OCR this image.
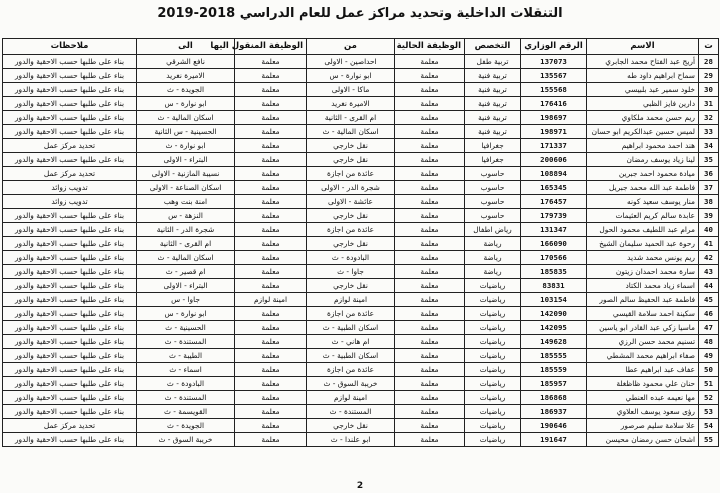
التنقلات الداخلية وتحديد مراكز عمل للعام الدراسي 2018-2019
ت	الاسم	الرقم الوزاري	التخصص	الوظيفة الحالية	من	الوظيفة المنقول اليها	الى	ملاحظات
28	أريج عبد الفتاح محمد الجابري	137073	تربية طفل	معلمة	احداصين - الاولى	معلمة	نافع الشرقي	بناء على طلبها حسب الاحقية والدور
29	سماح ابراهيم داود طه	135567	تربية فنية	معلمة	ابو نوارة - س	معلمة	الاميرة نغريد	بناء على طلبها حسب الاحقية والدور
30	خلود سمير عبد بلبيسي	155568	تربية فنية	معلمة	ماكا - الاولى	معلمة	الجويدة - ث	بناء على طلبها حسب الاحقية والدور
31	دارين فايز الظبي	176416	تربية فنية	معلمة	الاميرة نغريد	معلمة	ابو نوارة - س	بناء على طلبها حسب الاحقية والدور
32	ريم حسن محمد ملكاوي	198697	تربية فنية	معلمة	ام القرى - الثانية	معلمة	اسكان المالية - ث	بناء على طلبها حسب الاحقية والدور
33	لميس حسين عبدالكريم ابو حسان	198971	تربية فنية	معلمة	اسكان المالية - ث	معلمة	الحسينية - س الثانية	بناء على طلبها حسب الاحقية والدور
34	هند احمد محمود ابراهيم	171337	جغرافيا	معلمة	نقل خارجي	معلمة	ابو نوارة - ث	تحديد مركز عمل
35	لينا زياد يوسف رمضان	200606	جغرافيا	معلمة	نقل خارجي	معلمة	البتراء - الاولى	بناء على طلبها حسب الاحقية والدور
36	ميادة محمود احمد جبرين	108894	حاسوب	معلمة	عائدة من اجازة	معلمة	نسيبة المازنية - الاولى	تحديد مركز عمل
37	فاطمة عبد الله محمد جبريل	165345	حاسوب	معلمة	شجرة الدر - الاولى	معلمة	اسكان الصناعة - الاولى	تدويب زوائد
38	منار يوسف سعيد كونه	176457	حاسوب	معلمة	عائشة - الاولى	معلمة	امنة بنت وهب	تدويب زوائد
39	عابدة سالم كريم العثيمات	179739	حاسوب	معلمة	نقل خارجي	معلمة	النزهة - س	بناء على طلبها حسب الاحقية والدور
40	مرام عبد اللطيف محمود الحول	131347	رياض اطفال	معلمة	عائدة من اجازة	معلمة	شجرة الدر - الثانية	بناء على طلبها حسب الاحقية والدور
41	رحوة عبد الحميد سليمان الشيخ	166090	رياضة	معلمة	نقل خارجي	معلمة	ام القرى - الثانية	بناء على طلبها حسب الاحقية والدور
42	ريم يونس محمد شديد	170566	رياضة	معلمة	البادودة - ث	معلمة	اسكان المالية - ث	بناء على طلبها حسب الاحقية والدور
43	سارة محمد احمدان زيتون	185835	رياضة	معلمة	جاوا - ث	معلمة	ام قصير - ث	بناء على طلبها حسب الاحقية والدور
44	اسماء زياد محمد الكتاد	83831	رياضيات	معلمة	نقل خارجي	معلمة	البتراء - الاولى	بناء على طلبها حسب الاحقية والدور
45	فاطمة عبد الحفيظ سالم الصور	103154	رياضيات	معلمة	امينة لوازم	امينة لوازم	جاوا - س	بناء على طلبها حسب الاحقية والدور
46	سكينة احمد سلامة القيسي	142090	رياضيات	معلمة	عائدة من اجازة	معلمة	ابو نوارة - س	بناء على طلبها حسب الاحقية والدور
47	ماسيا زكي عبد القادر ابو ياسين	142095	رياضيات	معلمة	اسكان الطبية - ث	معلمة	الحسينية - ث	بناء على طلبها حسب الاحقية والدور
48	تسنيم محمد حسن الرزي	149628	رياضيات	معلمة	ام هاني - ث	معلمة	المستندة - ث	بناء على طلبها حسب الاحقية والدور
49	صفاء ابراهيم محمد المشطي	185555	رياضيات	معلمة	اسكان الطبية - ث	معلمة	الطيبة - ث	بناء على طلبها حسب الاحقية والدور
50	عفاف عبد ابراهيم عطا	185559	رياضيات	معلمة	عائدة من اجازة	معلمة	اسماء - ث	بناء على طلبها حسب الاحقية والدور
51	حنان علي محمود ظاظغلة	185957	رياضيات	معلمة	خريبة السوق - ث	معلمة	البادودة - ث	بناء على طلبها حسب الاحقية والدور
52	مها نعيمه عبده العنطي	186868	رياضيات	معلمة	امينة لوازم	معلمة	المستندة - ث	بناء على طلبها حسب الاحقية والدور
53	رؤى سعود يوسف العلاوي	186937	رياضيات	معلمة	المستندة - ث	معلمة	القويسمة - ث	بناء على طلبها حسب الاحقية والدور
54	علا سلامة سليم صرصور	190646	رياضيات	معلمة	نقل خارجي	معلمة	الجويدة - ث	تحديد مركز عمل
55	اشحان حسن رمضان محيسن	191647	رياضيات	معلمة	ابو علندا - ث	معلمة	خريبة السوق - ث	بناء على طلبها حسب الاحقية والدور
2
